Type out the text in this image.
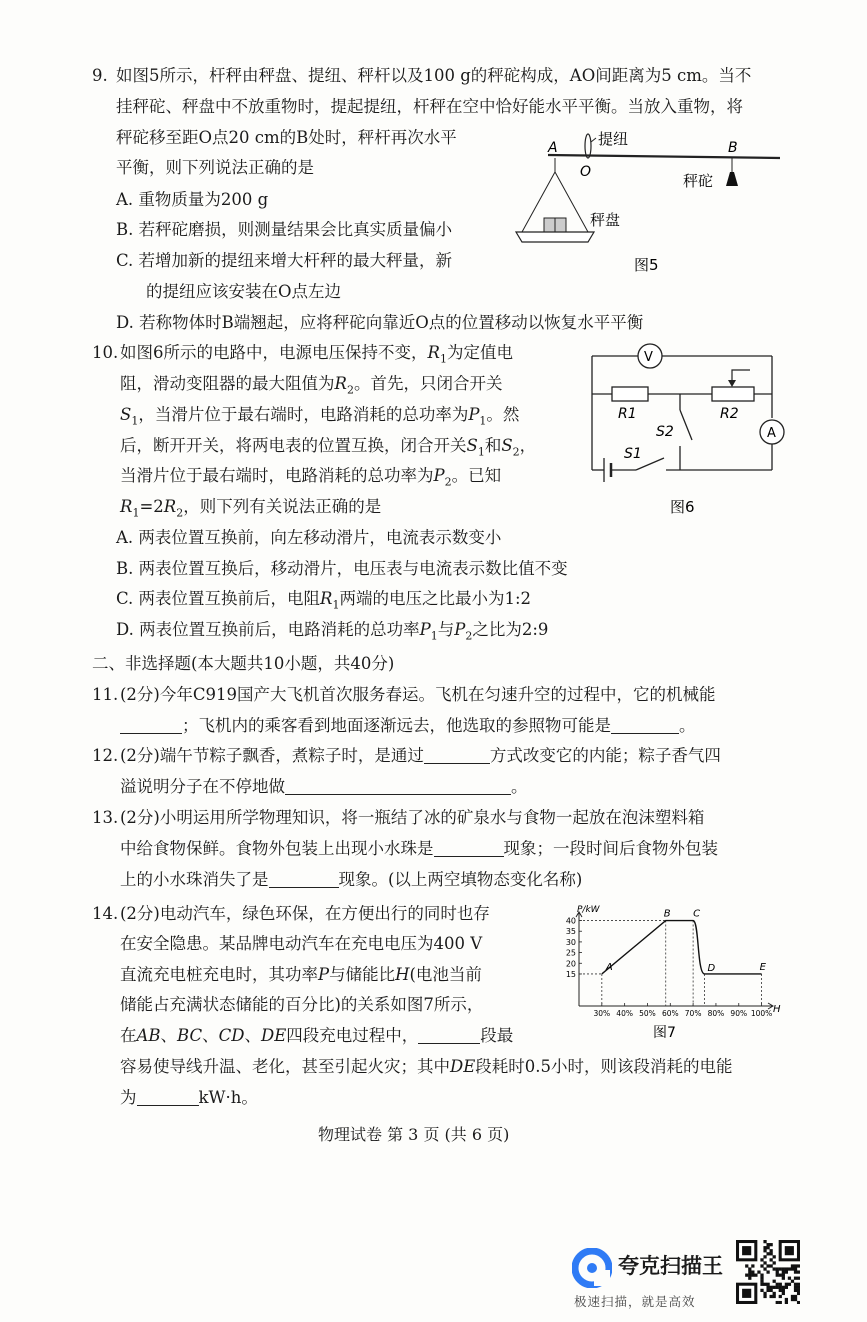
9. 如图5所示，杆秤由秤盘、提纽、秤杆以及100 g的秤砣构成，AO间距离为5 cm。当不
挂秤砣、秤盘中不放重物时，提起提纽，杆秤在空中恰好能水平平衡。当放入重物，将
秤砣移至距O点20 cm的B处时，秤杆再次水平
平衡，则下列说法正确的是
A. 重物质量为200 g
B. 若秤砣磨损，则测量结果会比真实质量偏小
C. 若增加新的提纽来增大杆秤的最大秤量，新
的提纽应该安装在O点左边
D. 若称物体时B端翘起，应将秤砣向靠近O点的位置移动以恢复水平平衡
提纽
A
O
B
秤砣
秤盘
图5
10. 如图6所示的电路中，电源电压保持不变，$R_1$为定值电
阻，滑动变阻器的最大阻值为$R_2$。首先，只闭合开关
$S_1$，当滑片位于最右端时，电路消耗的总功率为$P_1$。然
后，断开开关，将两电表的位置互换，闭合开关$S_1$和$S_2$，
当滑片位于最右端时，电路消耗的总功率为$P_2$。已知
$R_1=2R_2$，则下列有关说法正确的是
A. 两表位置互换前，向左移动滑片，电流表示数变小
B. 两表位置互换后，移动滑片，电压表与电流表示数比值不变
C. 两表位置互换前后，电阻$R_1$两端的电压之比最小为1:2
D. 两表位置互换前后，电路消耗的总功率$P_1$与$P_2$之比为2:9
V
R1	R2
A
S2
S1
图6
二、非选择题(本大题共10小题，共40分)
11. (2分)今年C919国产大飞机首次服务春运。飞机在匀速升空的过程中，它的机械能
；飞机内的乘客看到地面逐渐远去，他选取的参照物可能是	。
12. (2分)端午节粽子飘香，煮粽子时，是通过	方式改变它的内能；粽子香气四
溢说明分子在不停地做	。
13. (2分)小明运用所学物理知识，将一瓶结了冰的矿泉水与食物一起放在泡沫塑料箱
中给食物保鲜。食物外包装上出现小水珠是	现象；一段时间后食物外包装
上的小水珠消失了是	现象。(以上两空填物态变化名称)
14. (2分)电动汽车，绿色环保，在方便出行的同时也存
在安全隐患。某品牌电动汽车在充电电压为400 V
直流充电桩充电时，其功率P与储能比H(电池当前
储能占充满状态储能的百分比)的关系如图7所示，
在AB、BC、CD、DE四段充电过程中，	段最
容易使导线升温、老化，甚至引起火灾；其中DE段耗时0.5小时，则该段消耗的电能
为	kW·h。
P/kW
H
图7
15
20
25
30
35
40
30% 40% 50% 60% 70% 80% 90% 100%
A
B C
D	E
物理试卷 第 3 页 (共 6 页)
夸克扫描王
极速扫描，就是高效
